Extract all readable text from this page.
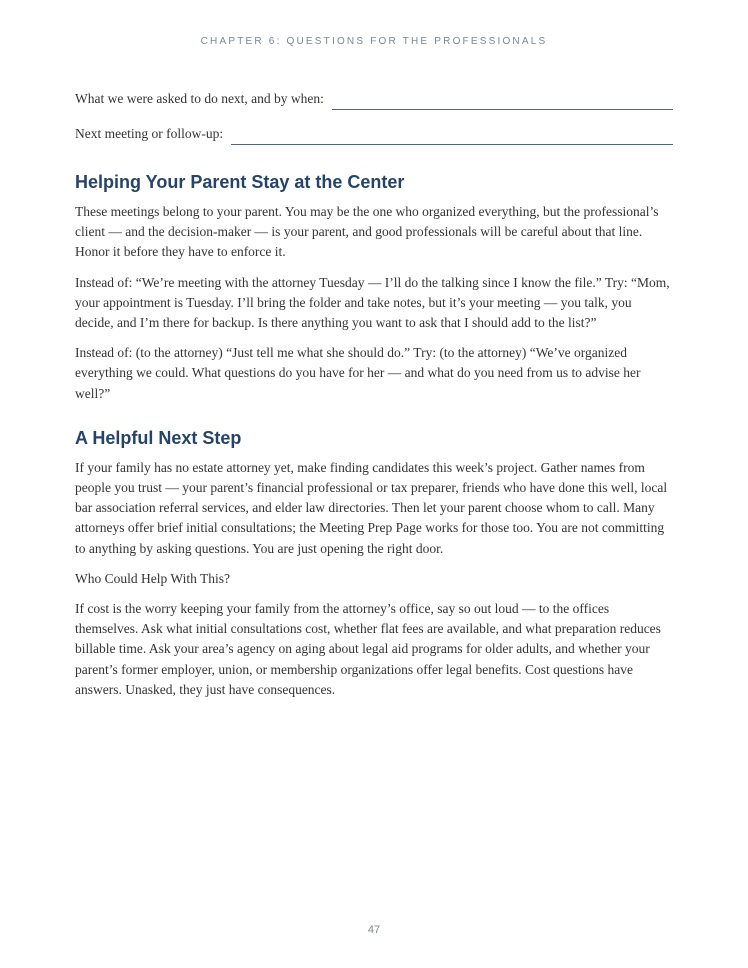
CHAPTER 6: QUESTIONS FOR THE PROFESSIONALS
What we were asked to do next, and by when:
Next meeting or follow-up:
Helping Your Parent Stay at the Center

These meetings belong to your parent. You may be the one who organized everything, but the professional’s client — and the decision-maker — is your parent, and good professionals will be careful about that line. Honor it before they have to enforce it.

Instead of: “We’re meeting with the attorney Tuesday — I’ll do the talking since I know the file.” Try: “Mom, your appointment is Tuesday. I’ll bring the folder and take notes, but it’s your meeting — you talk, you decide, and I’m there for backup. Is there anything you want to ask that I should add to the list?”

Instead of: (to the attorney) “Just tell me what she should do.” Try: (to the attorney) “We’ve organized everything we could. What questions do you have for her — and what do you need from us to advise her well?”

A Helpful Next Step

If your family has no estate attorney yet, make finding candidates this week’s project. Gather names from people you trust — your parent’s financial professional or tax preparer, friends who have done this well, local bar association referral services, and elder law directories. Then let your parent choose whom to call. Many attorneys offer brief initial consultations; the Meeting Prep Page works for those too. You are not committing to anything by asking questions. You are just opening the right door.

Who Could Help With This?

If cost is the worry keeping your family from the attorney’s office, say so out loud — to the offices themselves. Ask what initial consultations cost, whether flat fees are available, and what preparation reduces billable time. Ask your area’s agency on aging about legal aid programs for older adults, and whether your parent’s former employer, union, or membership organizations offer legal benefits. Cost questions have answers. Unasked, they just have consequences.

47
